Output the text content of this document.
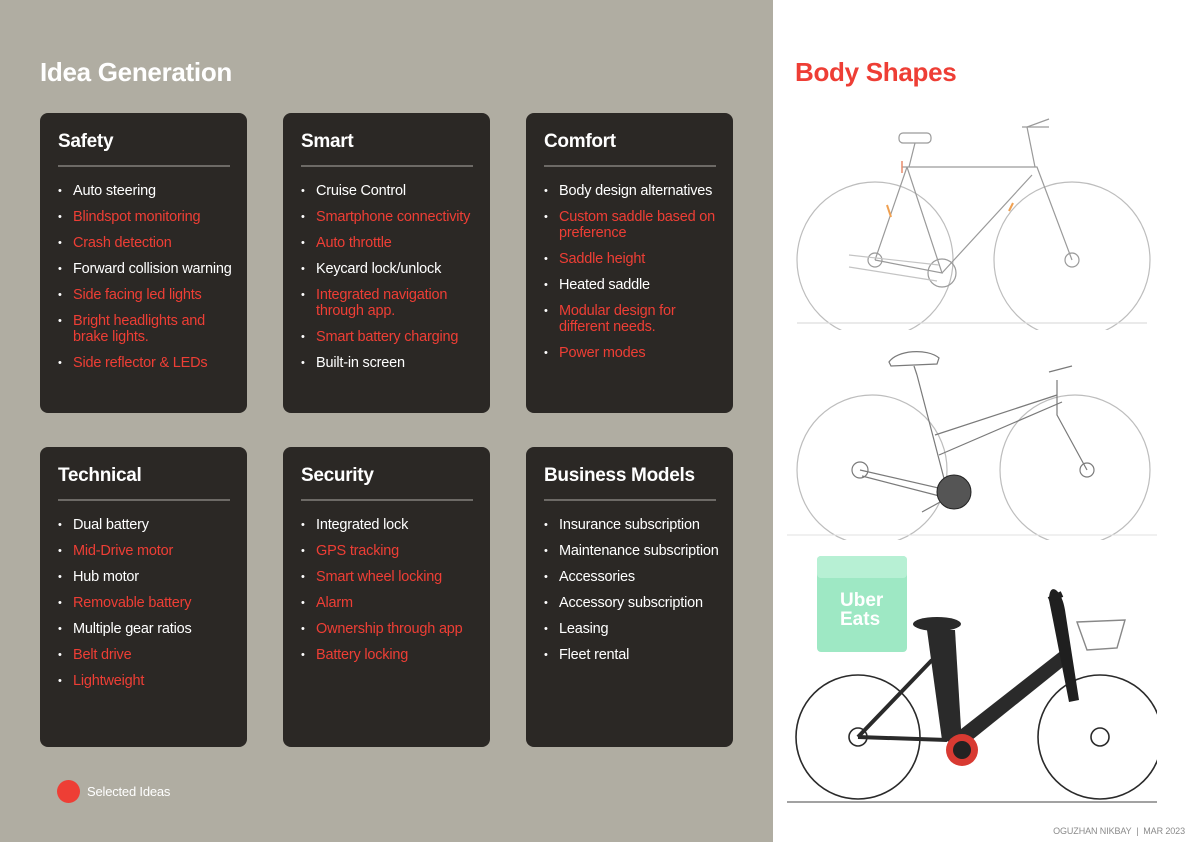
Idea Generation	Body Shapes
Safety
• Auto steering
• Blindspot monitoring
• Crash detection
• Forward collision warning
• Side facing led lights
• Bright headlights and brake lights.
• Side reflector & LEDs
Smart
• Cruise Control
• Smartphone connectivity
• Auto throttle
• Keycard lock/unlock
• Integrated navigation through app.
• Smart battery charging
• Built-in screen
Comfort
• Body design alternatives
• Custom saddle based on preference
• Saddle height
• Heated saddle
• Modular design for different needs.
• Power modes
Technical
• Dual battery
• Mid-Drive motor
• Hub motor
• Removable battery
• Multiple gear ratios
• Belt drive
• Lightweight
Security
• Integrated lock
• GPS tracking
• Smart wheel locking
• Alarm
• Ownership through app
• Battery locking
Business Models
• Insurance subscription
• Maintenance subscription
• Accessories
• Accessory subscription
• Leasing
• Fleet rental
Selected Ideas
Uber
Eats
OGUZHAN NIKBAY | MAR 2023
